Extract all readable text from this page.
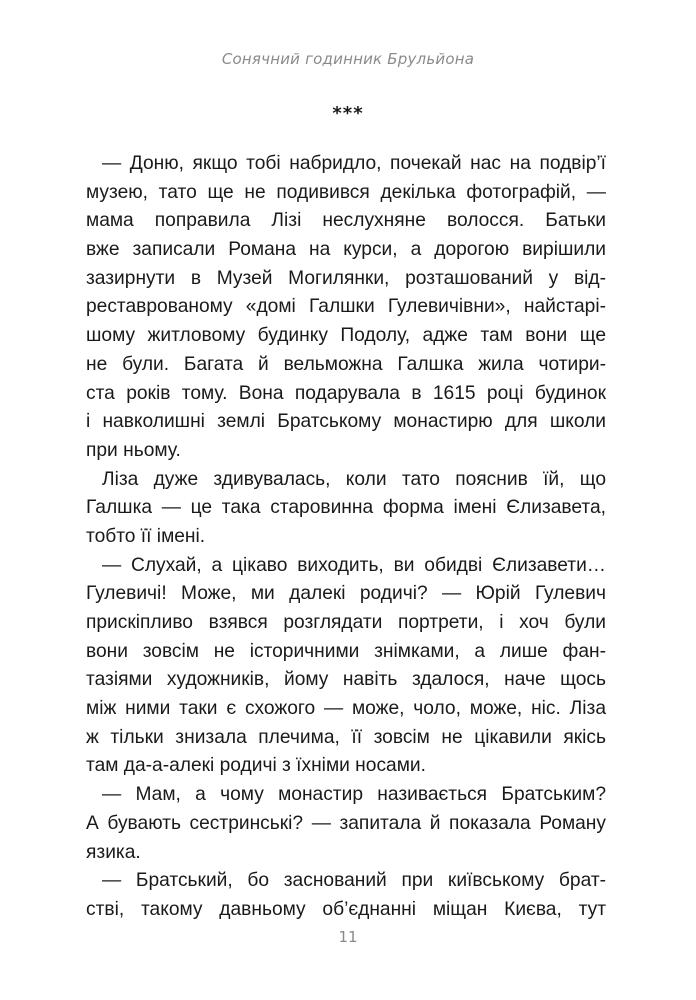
Сонячний годинник Брульйона
***
— Доню, якщо тобі набридло, почекай нас на подвір’ї
музею, тато ще не подивився декілька фотографій, —
мама поправила Лізі неслухняне волосся. Батьки
вже записали Романа на курси, а дорогою вирішили
зазирнути в Музей Могилянки, розташований у від-
реставрованому «домі Галшки Гулевичівни», найстарі-
шому житловому будинку Подолу, адже там вони ще
не були. Багата й вельможна Галшка жила чотири-
ста років тому. Вона подарувала в 1615 році будинок
і навколишні землі Братському монастирю для школи
при ньому.
Ліза дуже здивувалась, коли тато пояснив їй, що
Галшка — це така старовинна форма імені Єлизавета,
тобто її імені.
— Слухай, а цікаво виходить, ви обидві Єлизавети…
Гулевичі! Може, ми далекі родичі? — Юрій Гулевич
прискіпливо взявся розглядати портрети, і хоч були
вони зовсім не історичними знімками, а лише фан-
тазіями художників, йому навіть здалося, наче щось
між ними таки є схожого — може, чоло, може, ніс. Ліза
ж тільки знизала плечима, її зовсім не цікавили якісь
там да-а-алекі родичі з їхніми носами.
— Мам, а чому монастир називається Братським?
А бувають сестринські? — запитала й показала Роману
язика.
— Братський, бо заснований при київському брат-
стві, такому давньому об’єднанні міщан Києва, тут
11
